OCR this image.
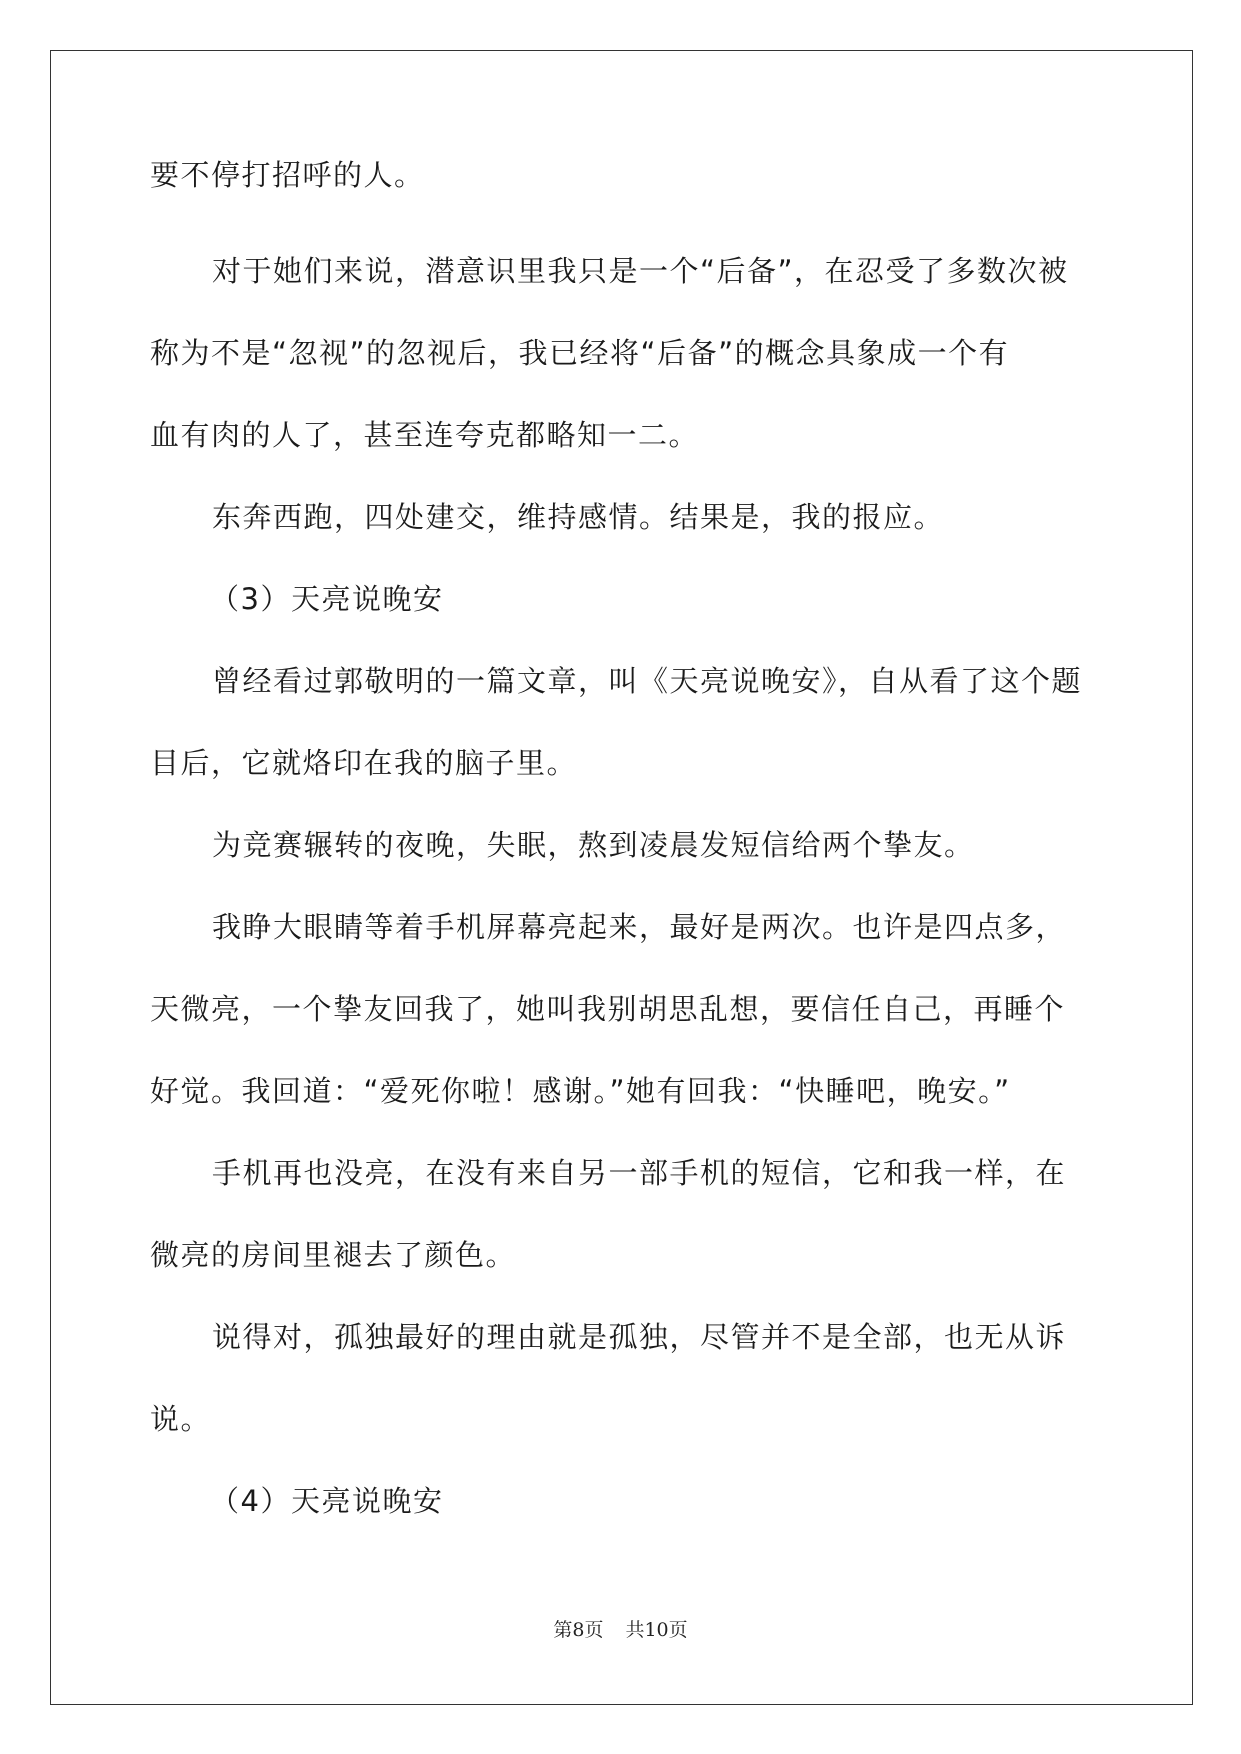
要不停打招呼的人。
对于她们来说，潜意识里我只是一个“后备”，在忍受了多数次被
称为不是“忽视”的忽视后，我已经将“后备”的概念具象成一个有
血有肉的人了，甚至连夸克都略知一二。
东奔西跑，四处建交，维持感情。结果是，我的报应。
（3）天亮说晚安
曾经看过郭敬明的一篇文章，叫《天亮说晚安》，自从看了这个题
目后，它就烙印在我的脑子里。
为竞赛辗转的夜晚，失眠，熬到凌晨发短信给两个挚友。
我睁大眼睛等着手机屏幕亮起来，最好是两次。也许是四点多，
天微亮，一个挚友回我了，她叫我别胡思乱想，要信任自己，再睡个
好觉。我回道：“爱死你啦！感谢。”她有回我：“快睡吧，晚安。”
手机再也没亮，在没有来自另一部手机的短信，它和我一样，在
微亮的房间里褪去了颜色。
说得对，孤独最好的理由就是孤独，尽管并不是全部，也无从诉
说。
（4）天亮说晚安
第8页 共10页
